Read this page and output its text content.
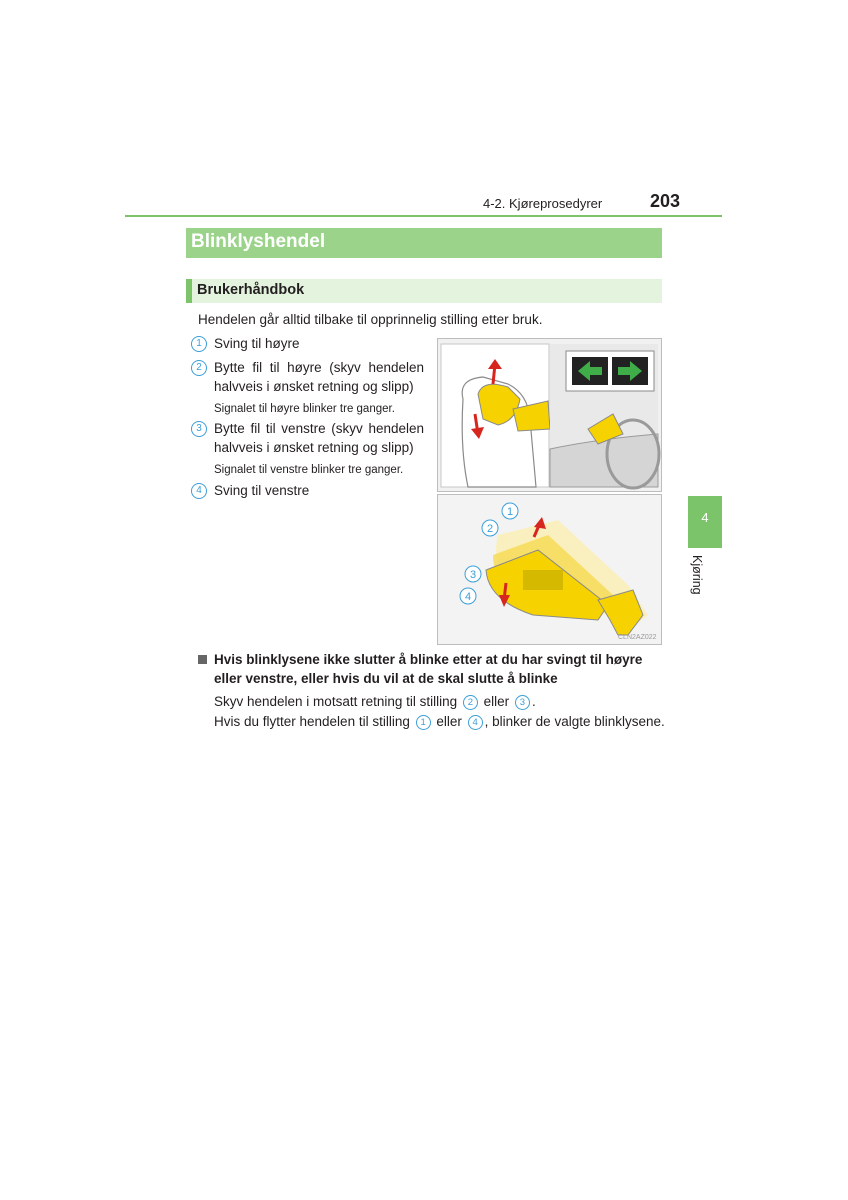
4-2. Kjøreprosedyrer	203
Blinklyshendel
Brukerhåndbok
Hendelen går alltid tilbake til opprinnelig stilling etter bruk.
1 Sving til høyre
2 Bytte fil til høyre (skyv hendelen
halvveis i ønsket retning og slipp)
Signalet til høyre blinker tre ganger.
3 Bytte fil til venstre (skyv hendelen
halvveis i ønsket retning og slipp)
Signalet til venstre blinker tre ganger.
4 Sving til venstre
1
2
3
4
CLN2AZ022
4
Kjøring
Hvis blinklysene ikke slutter å blinke etter at du har svingt til høyre eller venstre, eller hvis du vil at de skal slutte å blinke
Skyv hendelen i motsatt retning til stilling 2 eller 3 .
Hvis du flytter hendelen til stilling 1 eller 4 , blinker de valgte blinklysene.
